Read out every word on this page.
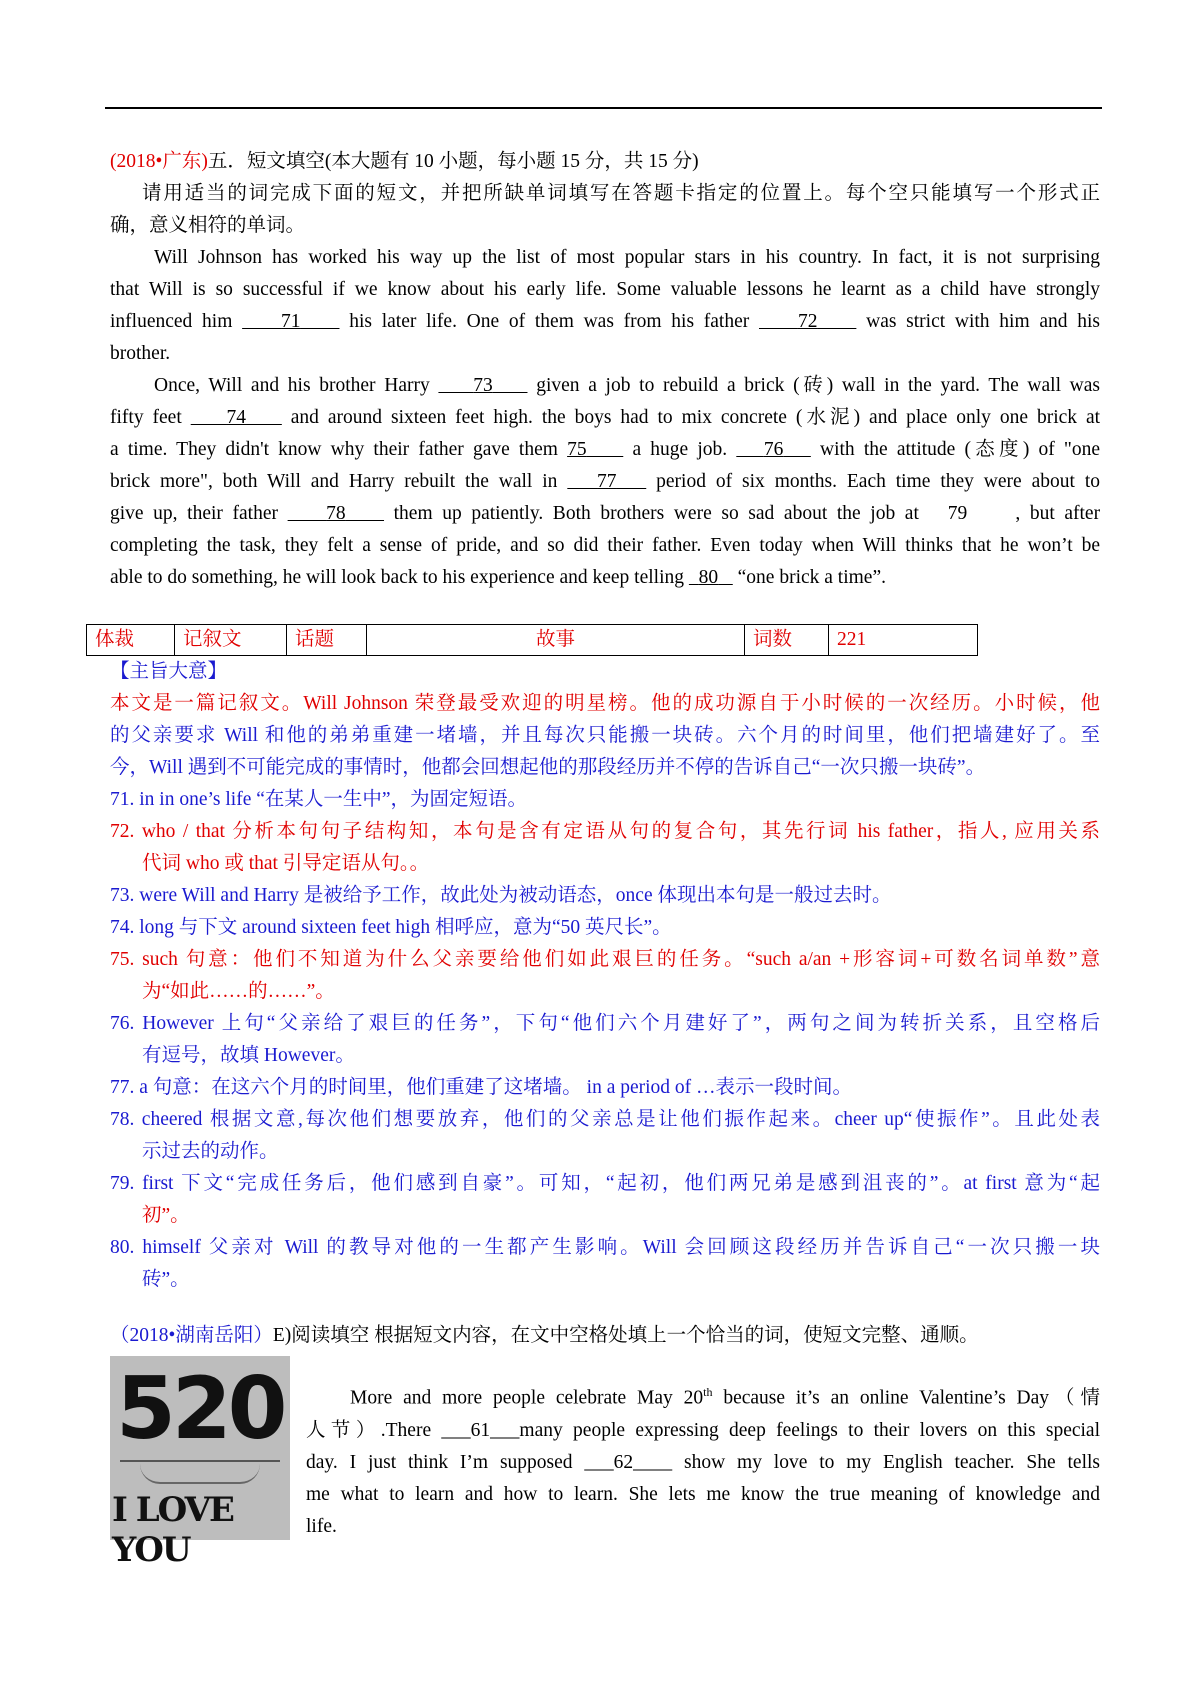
(2018•广东)五．短文填空(本大题有 10 小题，每小题 15 分，共 15 分)
请用适当的词完成下面的短文，并把所缺单词填写在答题卡指定的位置上。每个空只能填写一个形式正
确，意义相符的单词。
Will Johnson has worked his way up the list of most popular stars in his country. In fact, it is not surprising
that Will is so successful if we know about his early life. Some valuable lessons he learnt as a child have strongly
influenced him 71 his later life. One of them was from his father 72 was strict with him and his
brother.
Once, Will and his brother Harry 73 given a job to rebuild a brick (砖) wall in the yard. The wall was
fifty feet 74 and around sixteen feet high. the boys had to mix concrete (水泥) and place only one brick at
a time. They didn't know why their father gave them 75 a huge job. 76 with the attitude (态度) of "one
brick more", both Will and Harry rebuilt the wall in 77 period of six months. Each time they were about to
give up, their father 78 them up patiently. Both brothers were so sad about the job at 79 , but after
completing the task, they felt a sense of pride, and so did their father. Even today when Will thinks that he won’t be
able to do something, he will look back to his experience and keep telling 80 “one brick a time”.
体裁	记叙文	话题	故事	词数	221
【主旨大意】
本文是一篇记叙文。Will Johnson 荣登最受欢迎的明星榜。他的成功源自于小时候的一次经历。小时候，他
的父亲要求 Will 和他的弟弟重建一堵墙，并且每次只能搬一块砖。六个月的时间里，他们把墙建好了。至
今，Will 遇到不可能完成的事情时，他都会回想起他的那段经历并不停的告诉自己“一次只搬一块砖”。
71. in in one’s life “在某人一生中”，为固定短语。
72. who / that 分析本句句子结构知，本句是含有定语从句的复合句，其先行词 his father，指人, 应用关系
代词 who 或 that 引导定语从句。。
73. were Will and Harry 是被给予工作，故此处为被动语态，once 体现出本句是一般过去时。
74. long 与下文 around sixteen feet high 相呼应，意为“50 英尺长”。
75. such 句意：他们不知道为什么父亲要给他们如此艰巨的任务。“such a/an +形容词+可数名词单数”意
为“如此……的……”。
76. However 上句“父亲给了艰巨的任务”，下句“他们六个月建好了”，两句之间为转折关系，且空格后
有逗号，故填 However。
77. a 句意：在这六个月的时间里，他们重建了这堵墙。 in a period of …表示一段时间。
78. cheered 根据文意,每次他们想要放弃，他们的父亲总是让他们振作起来。cheer up“使振作”。且此处表
示过去的动作。
79. first 下文“完成任务后，他们感到自豪”。可知，“起初，他们两兄弟是感到沮丧的”。at first 意为“起
初”。
80. himself 父亲对 Will 的教导对他的一生都产生影响。Will 会回顾这段经历并告诉自己“一次只搬一块
砖”。
（2018•湖南岳阳）E)阅读填空 根据短文内容，在文中空格处填上一个恰当的词，使短文完整、通顺。
520
I LOVE YOU
More and more people celebrate May 20th because it’s an online Valentine’s Day（情
人节）.There ___61___many people expressing deep feelings to their lovers on this special
day. I just think I’m supposed ___62____ show my love to my English teacher. She tells
me what to learn and how to learn. She lets me know the true meaning of knowledge and
life.
